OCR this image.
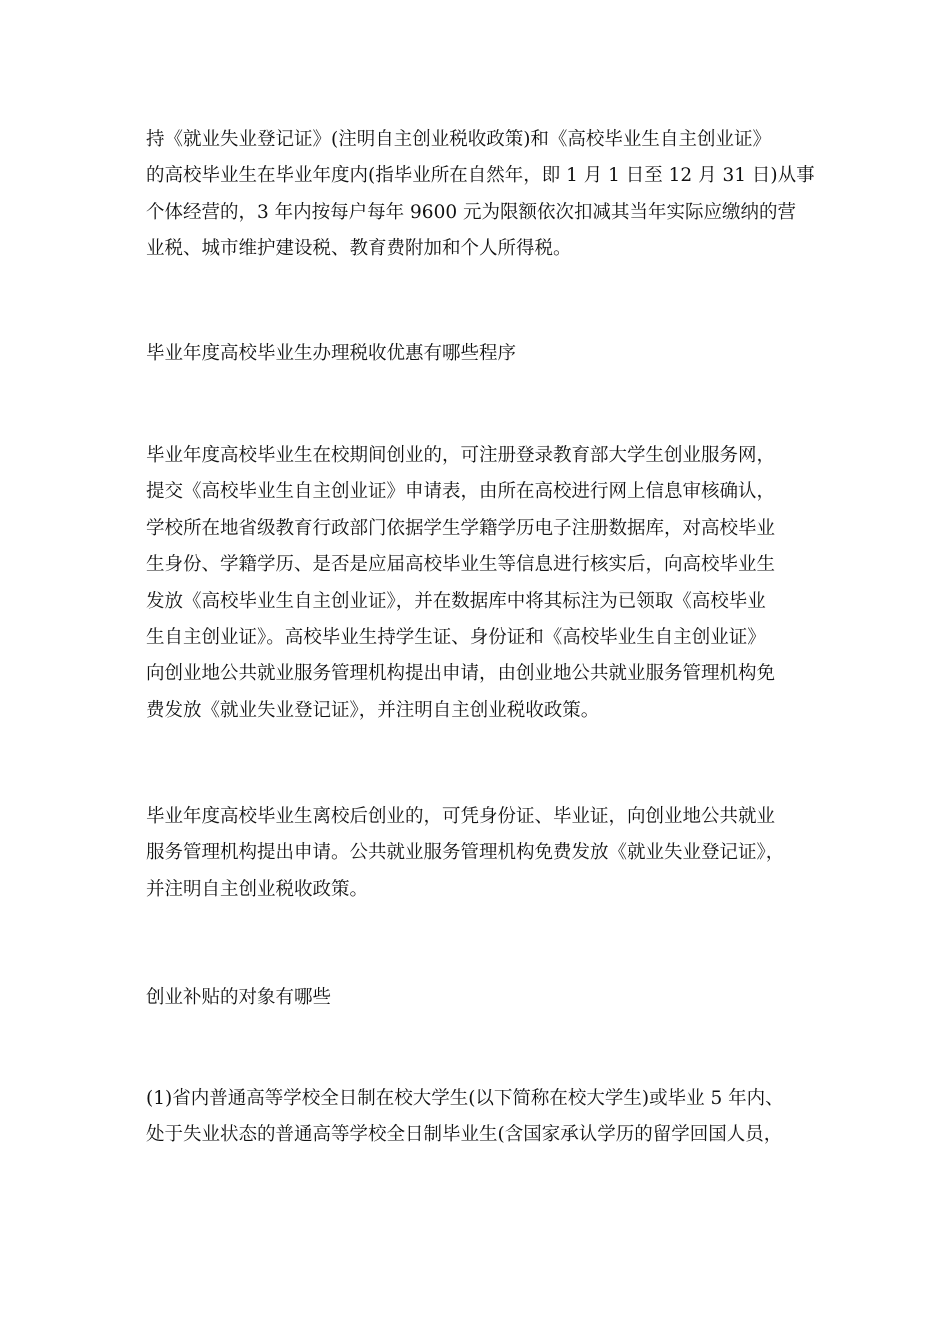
持《就业失业登记证》(注明自主创业税收政策)和《高校毕业生自主创业证》
的高校毕业生在毕业年度内(指毕业所在自然年，即 1 月 1 日至 12 月 31 日)从事
个体经营的，3 年内按每户每年 9600 元为限额依次扣减其当年实际应缴纳的营
业税、城市维护建设税、教育费附加和个人所得税。
毕业年度高校毕业生办理税收优惠有哪些程序
毕业年度高校毕业生在校期间创业的，可注册登录教育部大学生创业服务网，
提交《高校毕业生自主创业证》申请表，由所在高校进行网上信息审核确认，
学校所在地省级教育行政部门依据学生学籍学历电子注册数据库，对高校毕业
生身份、学籍学历、是否是应届高校毕业生等信息进行核实后，向高校毕业生
发放《高校毕业生自主创业证》，并在数据库中将其标注为已领取《高校毕业
生自主创业证》。高校毕业生持学生证、身份证和《高校毕业生自主创业证》
向创业地公共就业服务管理机构提出申请，由创业地公共就业服务管理机构免
费发放《就业失业登记证》，并注明自主创业税收政策。
毕业年度高校毕业生离校后创业的，可凭身份证、毕业证，向创业地公共就业
服务管理机构提出申请。公共就业服务管理机构免费发放《就业失业登记证》，
并注明自主创业税收政策。
创业补贴的对象有哪些
(1)省内普通高等学校全日制在校大学生(以下简称在校大学生)或毕业 5 年内、
处于失业状态的普通高等学校全日制毕业生(含国家承认学历的留学回国人员，
